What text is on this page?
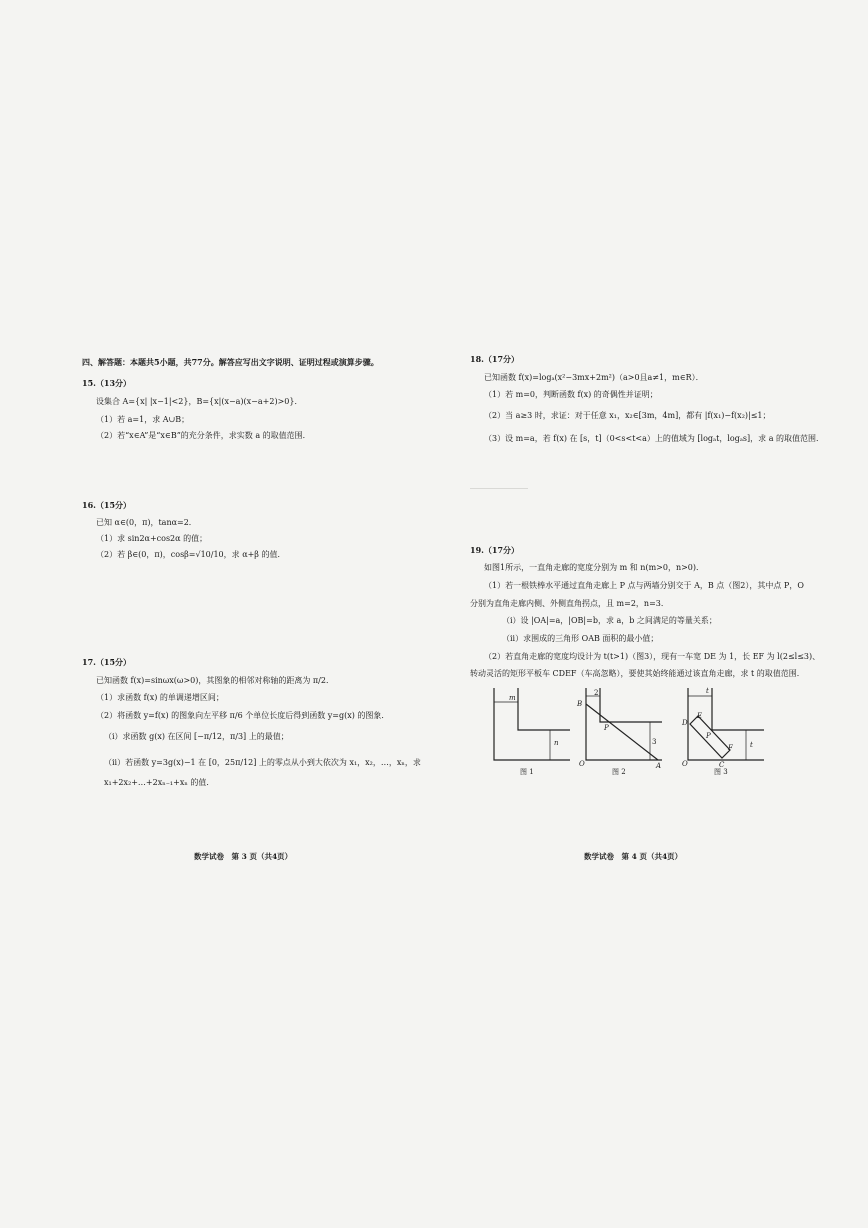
四、解答题：本题共5小题，共77分。解答应写出文字说明、证明过程或演算步骤。
15.（13分）
设集合 A={x| |x−1|<2}，B={x|(x−a)(x−a+2)>0}．
（1）若 a=1，求 A∪B；
（2）若“x∈A”是“x∈B”的充分条件，求实数 a 的取值范围．
16.（15分）
已知 α∈(0，π)，tanα=2．
（1）求 sin2α+cos2α 的值；
（2）若 β∈(0，π)，cosβ=√10/10，求 α+β 的值．
17.（15分）
已知函数 f(x)=sinωx(ω>0)，其图象的相邻对称轴的距离为 π/2．
（1）求函数 f(x) 的单调递增区间；
（2）将函数 y=f(x) 的图象向左平移 π/6 个单位长度后得到函数 y=g(x) 的图象．
（i）求函数 g(x) 在区间 [−π/12，π/3] 上的最值；
（ii）若函数 y=3g(x)−1 在 [0，25π/12] 上的零点从小到大依次为 x₁，x₂，…，xₙ，求
x₁+2x₂+…+2xₙ₋₁+xₙ 的值．
数学试卷　第 3 页（共4页）
18.（17分）
已知函数 f(x)=logₐ(x²−3mx+2m²)（a>0且a≠1，m∈R）．
（1）若 m=0，判断函数 f(x) 的奇偶性并证明；
（2）当 a≥3 时，求证：对于任意 x₁，x₂∈[3m，4m]，都有 |f(x₁)−f(x₂)|≤1；
（3）设 m=a，若 f(x) 在 [s，t]（0<s<t<a）上的值域为 [logₐt，logₐs]，求 a 的取值范围．
19.（17分）
如图1所示，一直角走廊的宽度分别为 m 和 n(m>0，n>0)．
（1）若一根铁棒水平通过直角走廊上 P 点与两墙分别交于 A，B 点（图2），其中点 P，O
分别为直角走廊内侧、外侧直角拐点，且 m=2，n=3．
（i）设 |OA|=a，|OB|=b，求 a，b 之间满足的等量关系；
（ii）求围成的三角形 OAB 面积的最小值；
（2）若直角走廊的宽度均设计为 t(t>1)（图3），现有一车宽 DE 为 1，长 EF 为 l(2≤l≤3)、
转动灵活的矩形平板车 CDEF（车高忽略），要使其始终能通过该直角走廊，求 t 的取值范围．
m
n
图 1
2
3
B
P
O	A
图 2
t
t
D
E
P
F
O	C
图 3
数学试卷　第 4 页（共4页）
